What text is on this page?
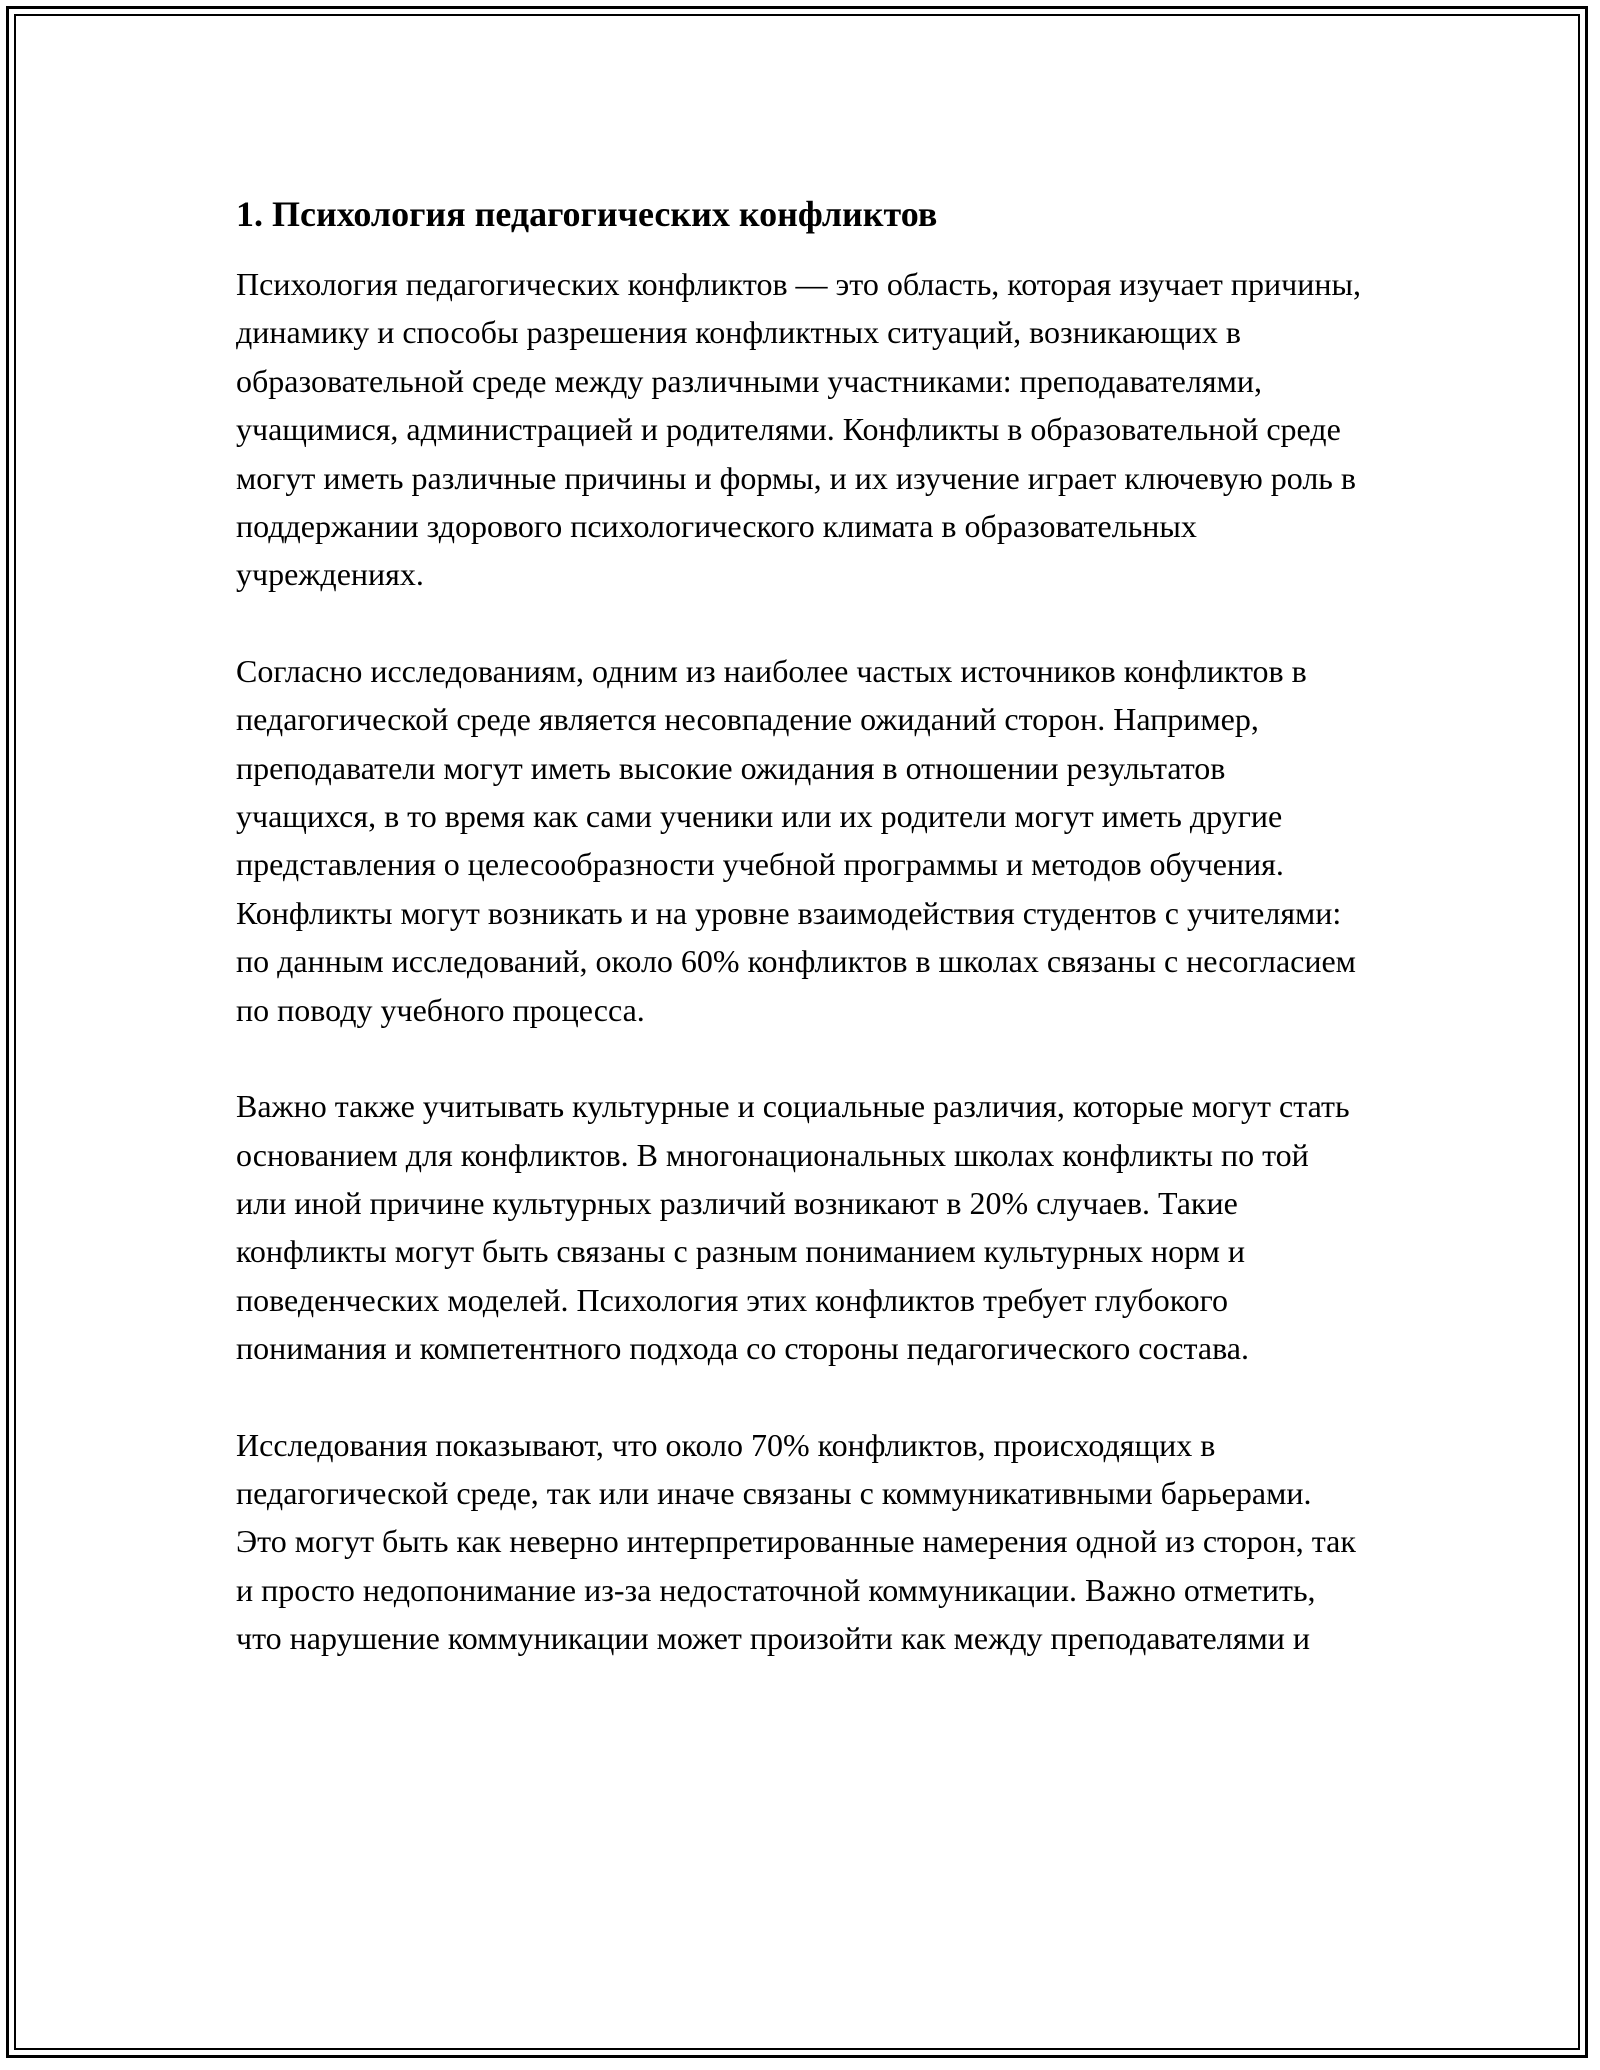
1. Психология педагогических конфликтов

Психология педагогических конфликтов — это область, которая изучает причины, динамику и способы разрешения конфликтных ситуаций, возникающих в образовательной среде между различными участниками: преподавателями, учащимися, администрацией и родителями. Конфликты в образовательной среде могут иметь различные причины и формы, и их изучение играет ключевую роль в поддержании здорового психологического климата в образовательных учреждениях.

Согласно исследованиям, одним из наиболее частых источников конфликтов в педагогической среде является несовпадение ожиданий сторон. Например, преподаватели могут иметь высокие ожидания в отношении результатов учащихся, в то время как сами ученики или их родители могут иметь другие представления о целесообразности учебной программы и методов обучения. Конфликты могут возникать и на уровне взаимодействия студентов с учителями: по данным исследований, около 60% конфликтов в школах связаны с несогласием по поводу учебного процесса.

Важно также учитывать культурные и социальные различия, которые могут стать основанием для конфликтов. В многонациональных школах конфликты по той или иной причине культурных различий возникают в 20% случаев. Такие конфликты могут быть связаны с разным пониманием культурных норм и поведенческих моделей. Психология этих конфликтов требует глубокого понимания и компетентного подхода со стороны педагогического состава.

Исследования показывают, что около 70% конфликтов, происходящих в педагогической среде, так или иначе связаны с коммуникативными барьерами. Это могут быть как неверно интерпретированные намерения одной из сторон, так и просто недопонимание из-за недостаточной коммуникации. Важно отметить, что нарушение коммуникации может произойти как между преподавателями и
